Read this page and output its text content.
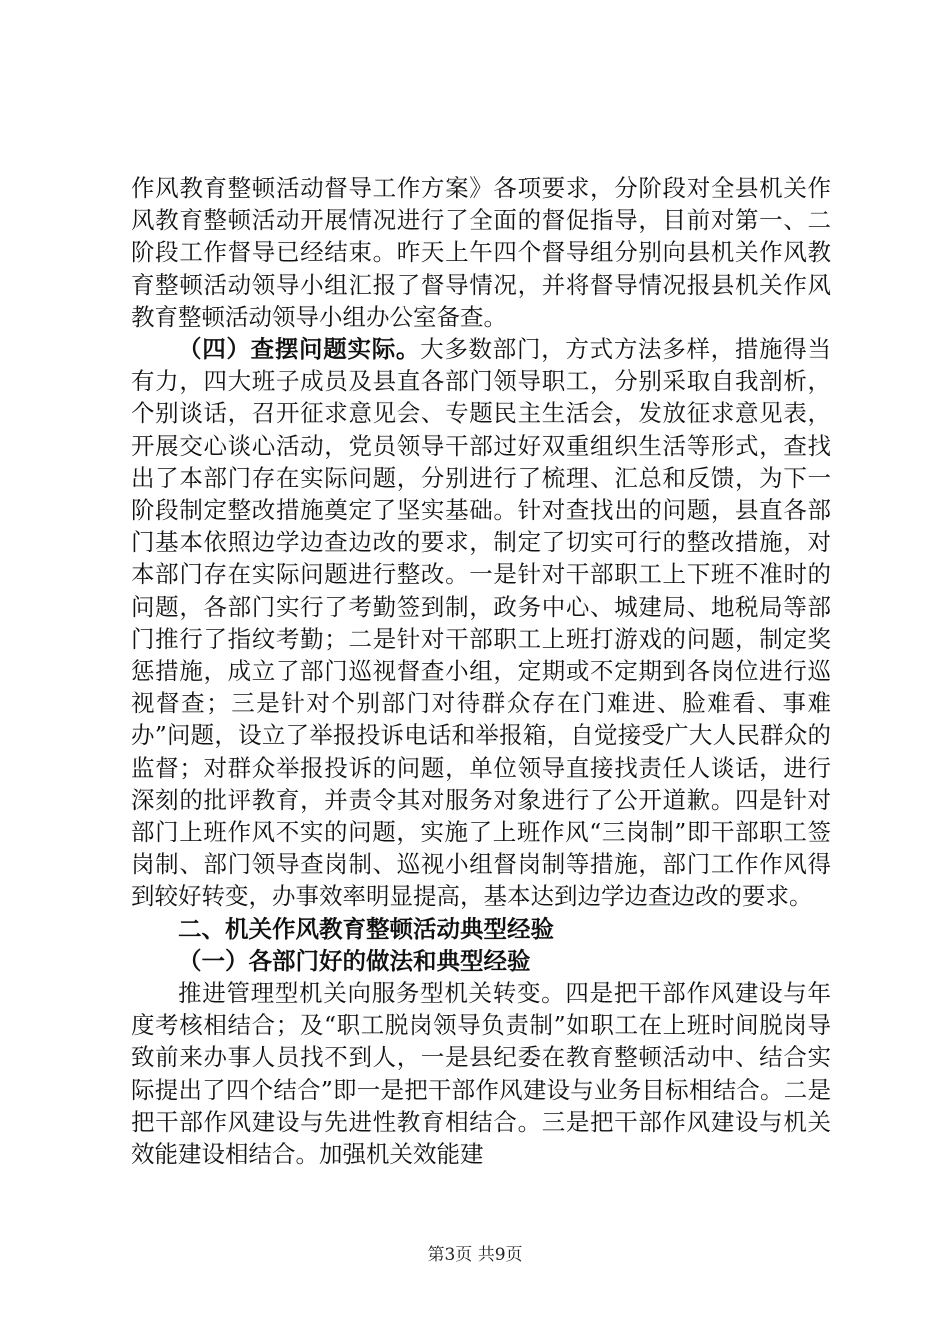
作风教育整顿活动督导工作方案》各项要求，分阶段对全县机关作风教育整顿活动开展情况进行了全面的督促指导，目前对第一、二阶段工作督导已经结束。昨天上午四个督导组分别向县机关作风教育整顿活动领导小组汇报了督导情况，并将督导情况报县机关作风教育整顿活动领导小组办公室备查。

（四）查摆问题实际。大多数部门，方式方法多样，措施得当有力，四大班子成员及县直各部门领导职工，分别采取自我剖析，个别谈话，召开征求意见会、专题民主生活会，发放征求意见表，开展交心谈心活动，党员领导干部过好双重组织生活等形式，查找出了本部门存在实际问题，分别进行了梳理、汇总和反馈，为下一阶段制定整改措施奠定了坚实基础。针对查找出的问题，县直各部门基本依照边学边查边改的要求，制定了切实可行的整改措施，对本部门存在实际问题进行整改。一是针对干部职工上下班不准时的问题，各部门实行了考勤签到制，政务中心、城建局、地税局等部门推行了指纹考勤；二是针对干部职工上班打游戏的问题，制定奖惩措施，成立了部门巡视督查小组，定期或不定期到各岗位进行巡视督查；三是针对个别部门对待群众存在门难进、脸难看、事难办”问题，设立了举报投诉电话和举报箱，自觉接受广大人民群众的监督；对群众举报投诉的问题，单位领导直接找责任人谈话，进行深刻的批评教育，并责令其对服务对象进行了公开道歉。四是针对部门上班作风不实的问题，实施了上班作风“三岗制”即干部职工签岗制、部门领导查岗制、巡视小组督岗制等措施，部门工作作风得到较好转变，办事效率明显提高，基本达到边学边查边改的要求。

二、机关作风教育整顿活动典型经验

（一）各部门好的做法和典型经验

推进管理型机关向服务型机关转变。四是把干部作风建设与年度考核相结合；及“职工脱岗领导负责制”如职工在上班时间脱岗导致前来办事人员找不到人，一是县纪委在教育整顿活动中、结合实际提出了四个结合”即一是把干部作风建设与业务目标相结合。二是把干部作风建设与先进性教育相结合。三是把干部作风建设与机关效能建设相结合。加强机关效能建

第3页 共9页
